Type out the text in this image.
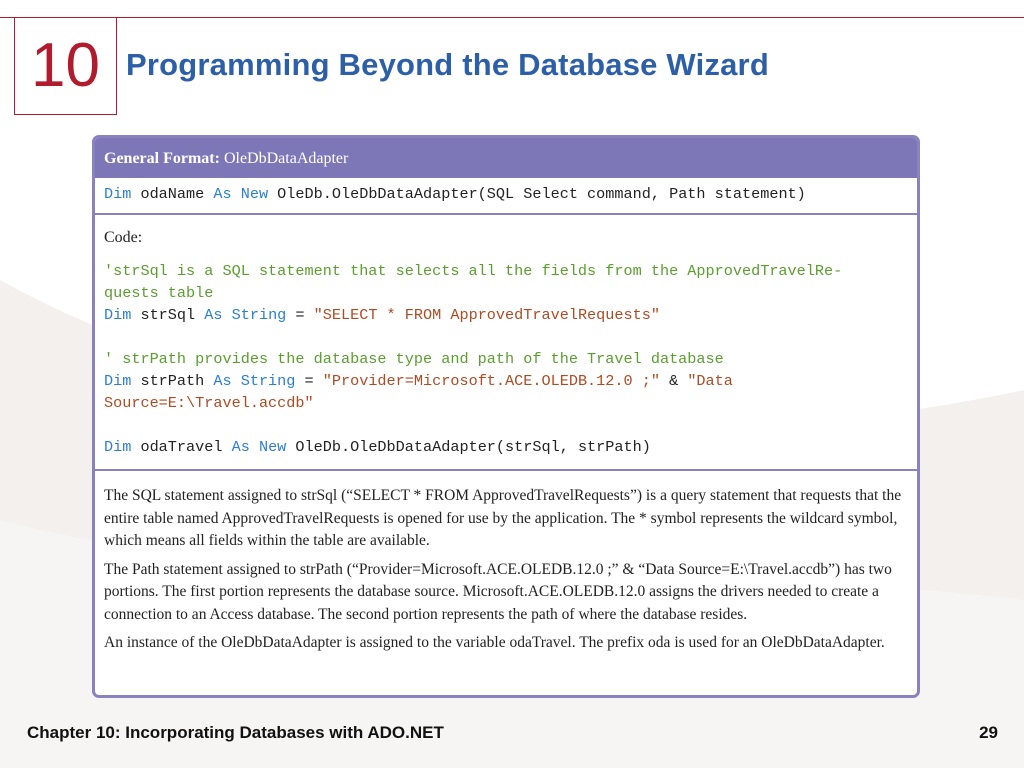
10 Programming Beyond the Database Wizard
General Format: OleDbDataAdapter
Dim odaName As New OleDb.OleDbDataAdapter(SQL Select command, Path statement)
Code:
'strSql is a SQL statement that selects all the fields from the ApprovedTravelRe-
quests table
Dim strSql As String = "SELECT * FROM ApprovedTravelRequests"
' strPath provides the database type and path of the Travel database
Dim strPath As String = "Provider=Microsoft.ACE.OLEDB.12.0 ;" & "Data
Source=E:\Travel.accdb"
Dim odaTravel As New OleDb.OleDbDataAdapter(strSql, strPath)

The SQL statement assigned to strSql (“SELECT * FROM ApprovedTravelRequests”) is a query statement that requests that the entire table named ApprovedTravelRequests is opened for use by the application. The * symbol represents the wildcard symbol, which means all fields within the table are available.

The Path statement assigned to strPath (“Provider=Microsoft.ACE.OLEDB.12.0 ;” & “Data Source=E:\Travel.accdb”) has two portions. The first portion represents the database source. Microsoft.ACE.OLEDB.12.0 assigns the drivers needed to create a connection to an Access database. The second portion represents the path of where the database resides.

An instance of the OleDbDataAdapter is assigned to the variable odaTravel. The prefix oda is used for an OleDbDataAdapter.

Chapter 10: Incorporating Databases with ADO.NET	29
